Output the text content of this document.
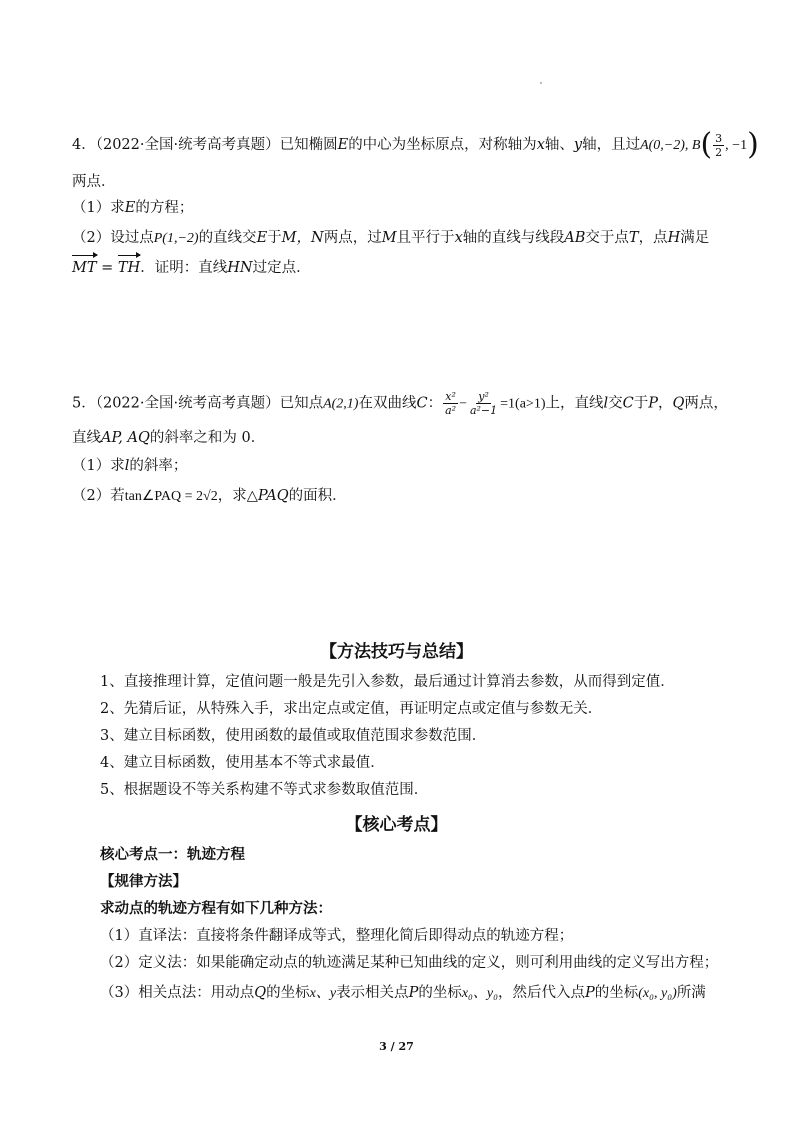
4．（2022·全国·统考高考真题）已知椭圆E的中心为坐标原点，对称轴为x轴、y轴，且过A(0,−2), $B( \frac{3}{2}$ , −1)
两点．
（1）求E的方程；
（2）设过点P(1,−2)的直线交E于M，N两点，过M且平行于x轴的直线与线段AB交于点T，点H满足
MT = TH．证明：直线HN过定点．
5．（2022·全国·统考高考真题）已知点A(2,1)在双曲线C： $\frac{\text{x²}}{\text{a²}} - \frac{\text{y²}}{\text{a²−1}} =1(a>1)$上，直线l交C于P，Q两点，
直线AP, AQ的斜率之和为 0．
（1）求l的斜率；
（2）若tan∠PAQ = 2√2，求△PAQ的面积．
【方法技巧与总结】
1、直接推理计算，定值问题一般是先引入参数，最后通过计算消去参数，从而得到定值．
2、先猜后证，从特殊入手，求出定点或定值，再证明定点或定值与参数无关．
3、建立目标函数，使用函数的最值或取值范围求参数范围．
4、建立目标函数，使用基本不等式求最值．
5、根据题设不等关系构建不等式求参数取值范围．
【核心考点】
核心考点一：轨迹方程
【规律方法】
求动点的轨迹方程有如下几种方法：
（1）直译法：直接将条件翻译成等式，整理化简后即得动点的轨迹方程；
（2）定义法：如果能确定动点的轨迹满足某种已知曲线的定义，则可利用曲线的定义写出方程；
（3）相关点法：用动点Q的坐标x、y表示相关点P的坐标x₀、y₀，然后代入点P的坐标(x₀, y₀)所满
3 / 27
